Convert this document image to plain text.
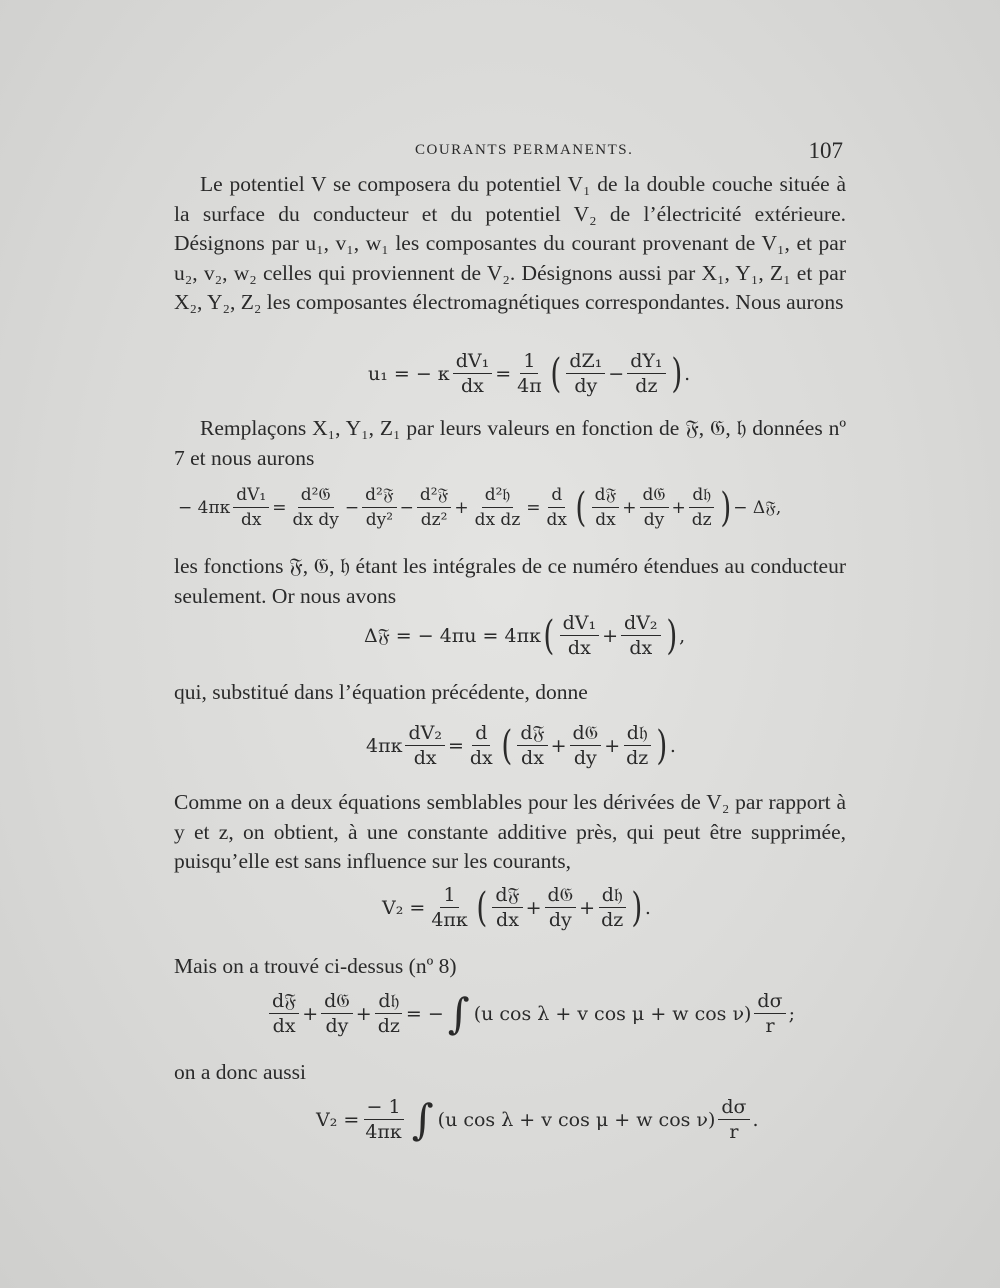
COURANTS PERMANENTS.	107

Le potentiel V se composera du potentiel V₁ de la double couche située à la surface du conducteur et du potentiel V₂ de l’électricité extérieure. Désignons par u₁, v₁, w₁ les composantes du courant provenant de V₁, et par u₂, v₂, w₂ celles qui proviennent de V₂. Désignons aussi par X₁, Y₁, Z₁ et par X₂, Y₂, Z₂ les composantes électromagnétiques correspondantes. Nous aurons

u₁ = − κ $\frac{\text{dV₁}}{dx} = \frac{1}{4\pi}$ ( $\frac{\text{dZ₁}}{dy} - \frac{\text{dY₁}}{dz}$ ) .

Remplaçons X₁, Y₁, Z₁ par leurs valeurs en fonction de 𝔉, 𝔊, 𝔥 données nº 7 et nous aurons

− $4\pi\kappa \frac{\text{dV₁}}{dx} = \frac{\text{d²𝔊}}{\text{dx dy}} - \frac{\text{d²𝔉}}{\text{dy²}} - \frac{\text{d²𝔉}}{\text{dz²}} + \frac{\text{d²𝔥}}{\text{dx dz}} = \frac{d}{dx}$ ( $\frac{\text{d𝔉}}{dx} + \frac{\text{d𝔊}}{dy} + \frac{\text{d𝔥}}{dz}$ ) − Δ𝔉,

les fonctions 𝔉, 𝔊, 𝔥 étant les intégrales de ce numéro étendues au conducteur seulement. Or nous avons

Δ𝔉 = − 4πu = 4πκ ( $\frac{\text{dV₁}}{dx} + \frac{\text{dV₂}}{dx}$ ) ,

qui, substitué dans l’équation précédente, donne

$4\pi\kappa \frac{\text{dV₂}}{dx} = \frac{d}{dx}$ ( $\frac{\text{d𝔉}}{dx} + \frac{\text{d𝔊}}{dy} + \frac{\text{d𝔥}}{dz}$ ) .

Comme on a deux équations semblables pour les dérivées de V₂ par rapport à y et z, on obtient, à une constante additive près, qui peut être supprimée, puisqu’elle est sans influence sur les courants,

$V_2 = \frac{1}{4\pi\kappa}$ ( $\frac{\text{d𝔉}}{dx} + \frac{\text{d𝔊}}{dy} + \frac{\text{d𝔥}}{dz}$ ) .

Mais on a trouvé ci-dessus (nº 8)

$\frac{\text{d𝔉}}{dx} + \frac{\text{d𝔊}}{dy} + \frac{\text{d𝔥}}{dz}$ = − ∫ (u cos λ + v cos μ + w $\cos \nu) \frac{d\sigma}{r}$ ;

on a donc aussi

$V_2 = \frac{- 1}{4\pi\kappa}$ ∫ (u cos λ + v cos μ + w $\cos \nu) \frac{d\sigma}{r}$ .
